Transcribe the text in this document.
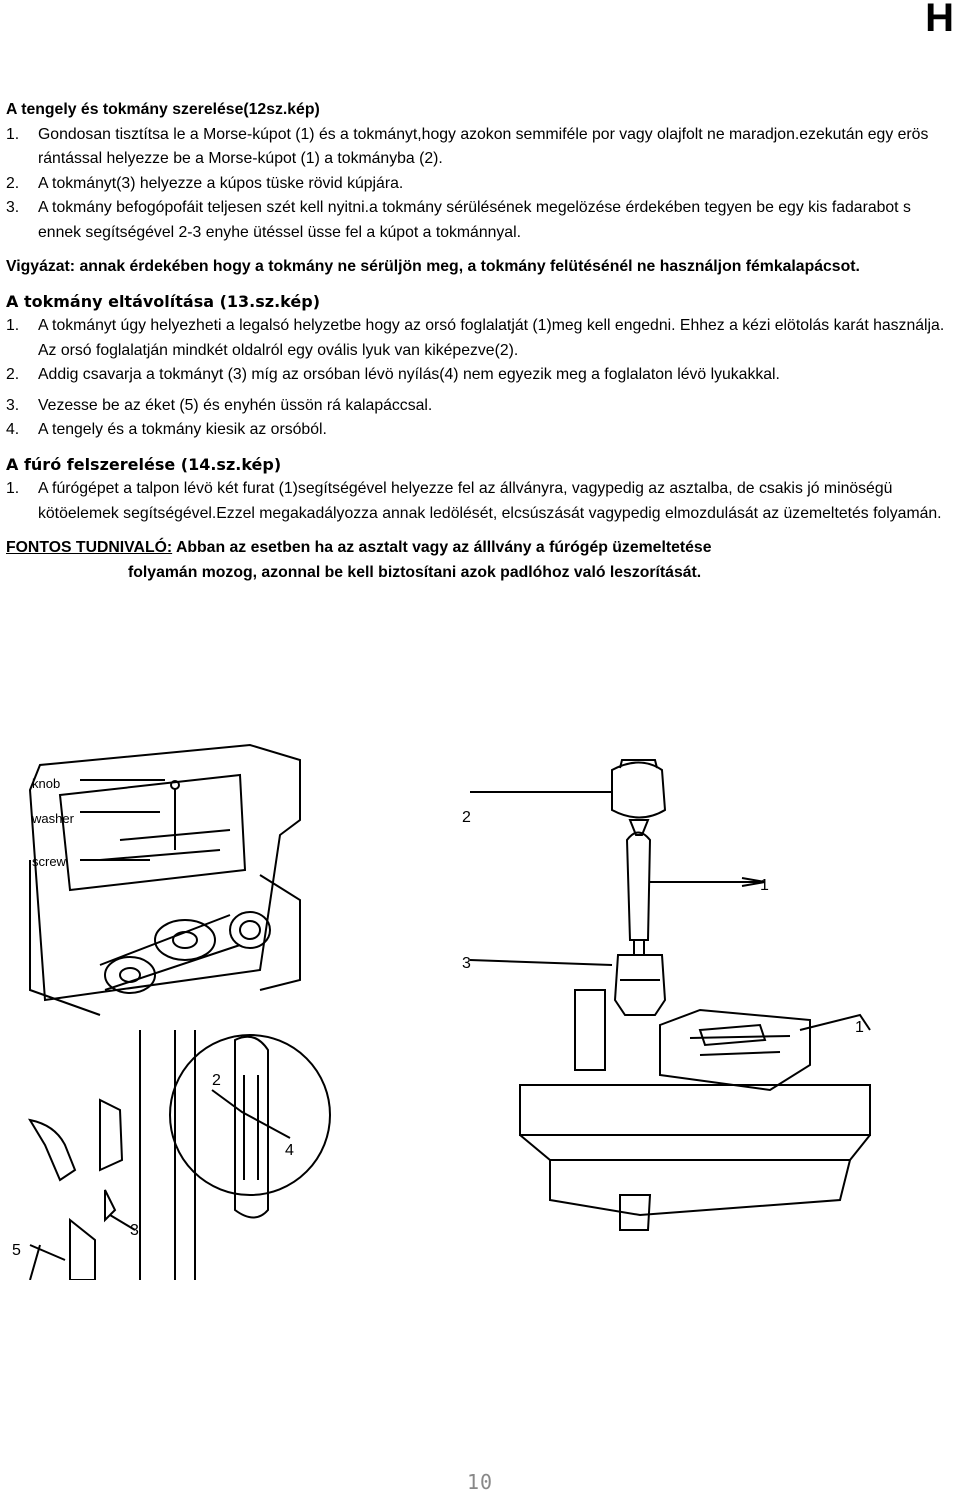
H
A tengely és tokmány szerelése(12sz.kép)
1.	Gondosan tisztítsa le a Morse-kúpot (1) és a tokmányt,hogy azokon semmiféle por vagy olajfolt ne maradjon.ezekután egy erös rántással helyezze be a Morse-kúpot (1) a tokmányba (2).
2.	A tokmányt(3) helyezze a kúpos tüske rövid kúpjára.
3.	A tokmány befogópofáit teljesen szét kell nyitni.a tokmány sérülésének megelözése érdekében tegyen be egy kis fadarabot s ennek segítségével 2-3 enyhe ütéssel üsse fel a kúpot a tokmánnyal.
Vigyázat: annak érdekében hogy a tokmány ne sérüljön meg, a tokmány felütésénél ne használjon fémkalapácsot.
A tokmány eltávolítása (13.sz.kép)
1.	A tokmányt úgy helyezheti a legalsó helyzetbe hogy az orsó foglalatját (1)meg kell engedni. Ehhez a kézi elötolás karát használja. Az orsó foglalatján mindkét oldalról egy ovális lyuk van kiképezve(2).
2.	Addig csavarja a tokmányt (3) míg az orsóban lévö nyílás(4) nem egyezik meg a foglalaton lévö lyukakkal.
3.	Vezesse be az éket (5) és enyhén üssön rá kalapáccsal.
4.	A tengely és a tokmány kiesik az orsóból.
A fúró felszerelése (14.sz.kép)
1.	A fúrógépet a talpon lévö két furat (1)segítségével helyezze fel az állványra, vagypedig az asztalba, de csakis jó minöségü kötöelemek segítségével.Ezzel megakadályozza annak ledölését, elcsúszását vagypedig elmozdulását az üzemeltetés folyamán.
FONTOS TUDNIVALÓ: Abban az esetben ha az asztalt vagy az álllvány a fúrógép üzemeltetése
folyamán mozog, azonnal be kell biztosítani azok padlóhoz való leszorítását.
knob
washer
screw
2
1
3
2
4
3
5
1
10
